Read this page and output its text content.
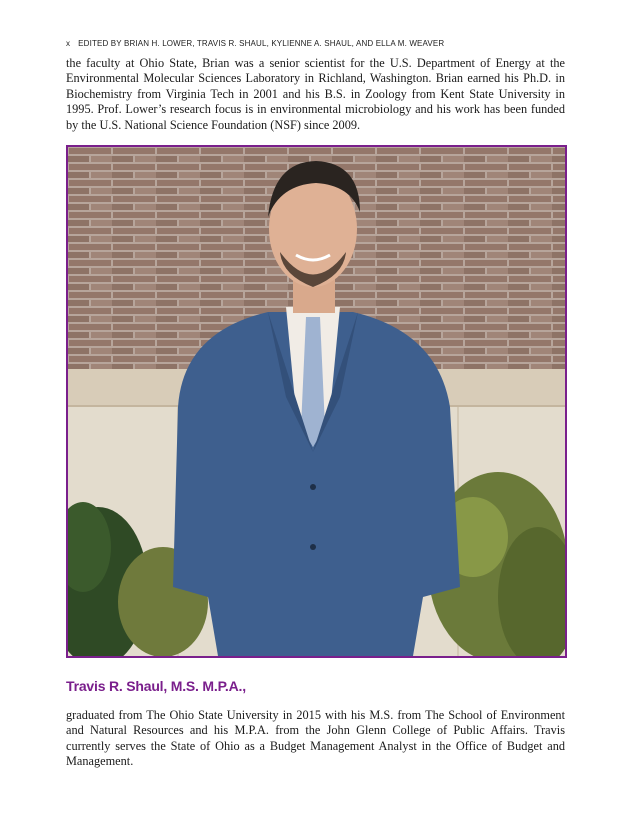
x EDITED BY BRIAN H. LOWER, TRAVIS R. SHAUL, KYLIENNE A. SHAUL, AND ELLA M. WEAVER

the faculty at Ohio State, Brian was a senior scientist for the U.S. Department of Energy at the Environmental Molecular Sciences Laboratory in Richland, Washington. Brian earned his Ph.D. in Biochemistry from Virginia Tech in 2001 and his B.S. in Zoology from Kent State University in 1995. Prof. Lower’s research focus is in environmental microbiology and his work has been funded by the U.S. National Science Foundation (NSF) since 2009.

Travis R. Shaul, M.S. M.P.A.,

graduated from The Ohio State University in 2015 with his M.S. from The School of Environment and Natural Resources and his M.P.A. from the John Glenn College of Public Affairs. Travis currently serves the State of Ohio as a Budget Management Analyst in the Office of Budget and Management.
